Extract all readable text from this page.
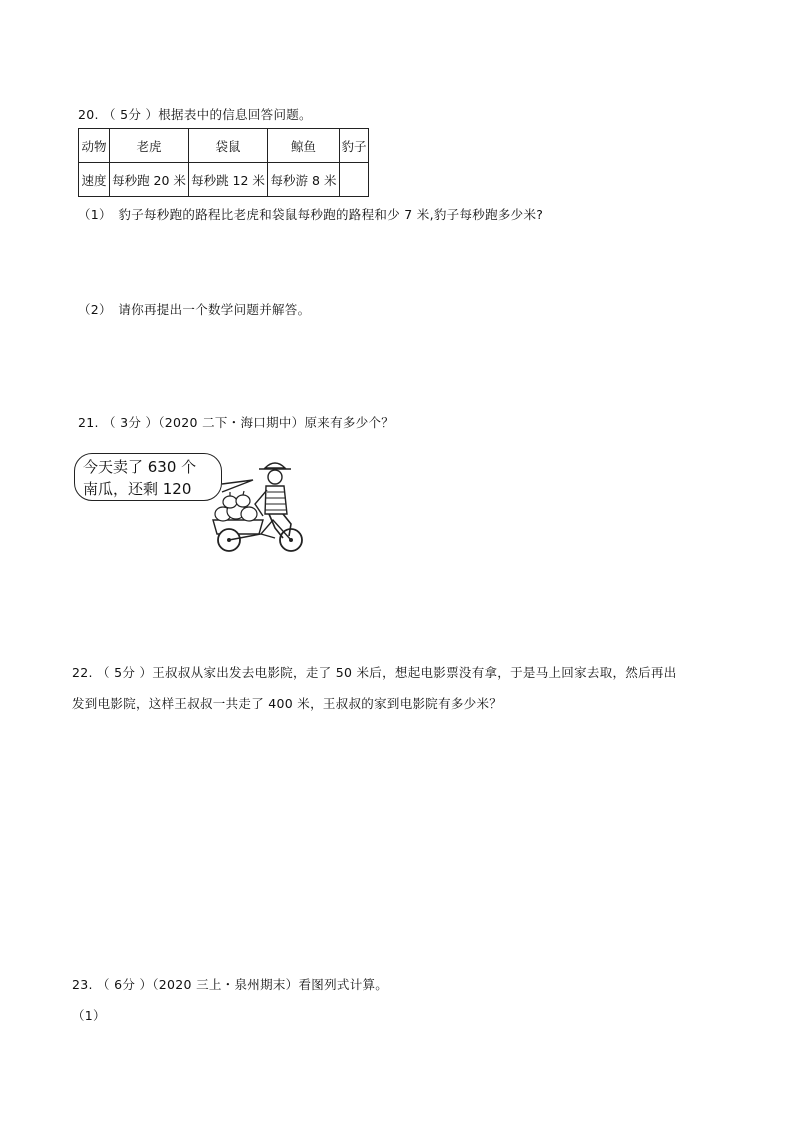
20. （ 5分 ）根据表中的信息回答问题。
动物	老虎	袋鼠	鲸鱼	豹子
速度	每秒跑 20 米	每秒跳 12 米	每秒游 8 米	
（1）　豹子每秒跑的路程比老虎和袋鼠每秒跑的路程和少 7 米,豹子每秒跑多少米?
（2）　请你再提出一个数学问题并解答。
21. （ 3分 ）（2020 二下・海口期中）原来有多少个？
今天卖了 630 个
南瓜，还剩 120
22. （ 5分 ）王叔叔从家出发去电影院，走了 50 米后，想起电影票没有拿，于是马上回家去取，然后再出
发到电影院，这样王叔叔一共走了 400 米，王叔叔的家到电影院有多少米？
23. （ 6分 ）（2020 三上・泉州期末）看图列式计算。
（1）
